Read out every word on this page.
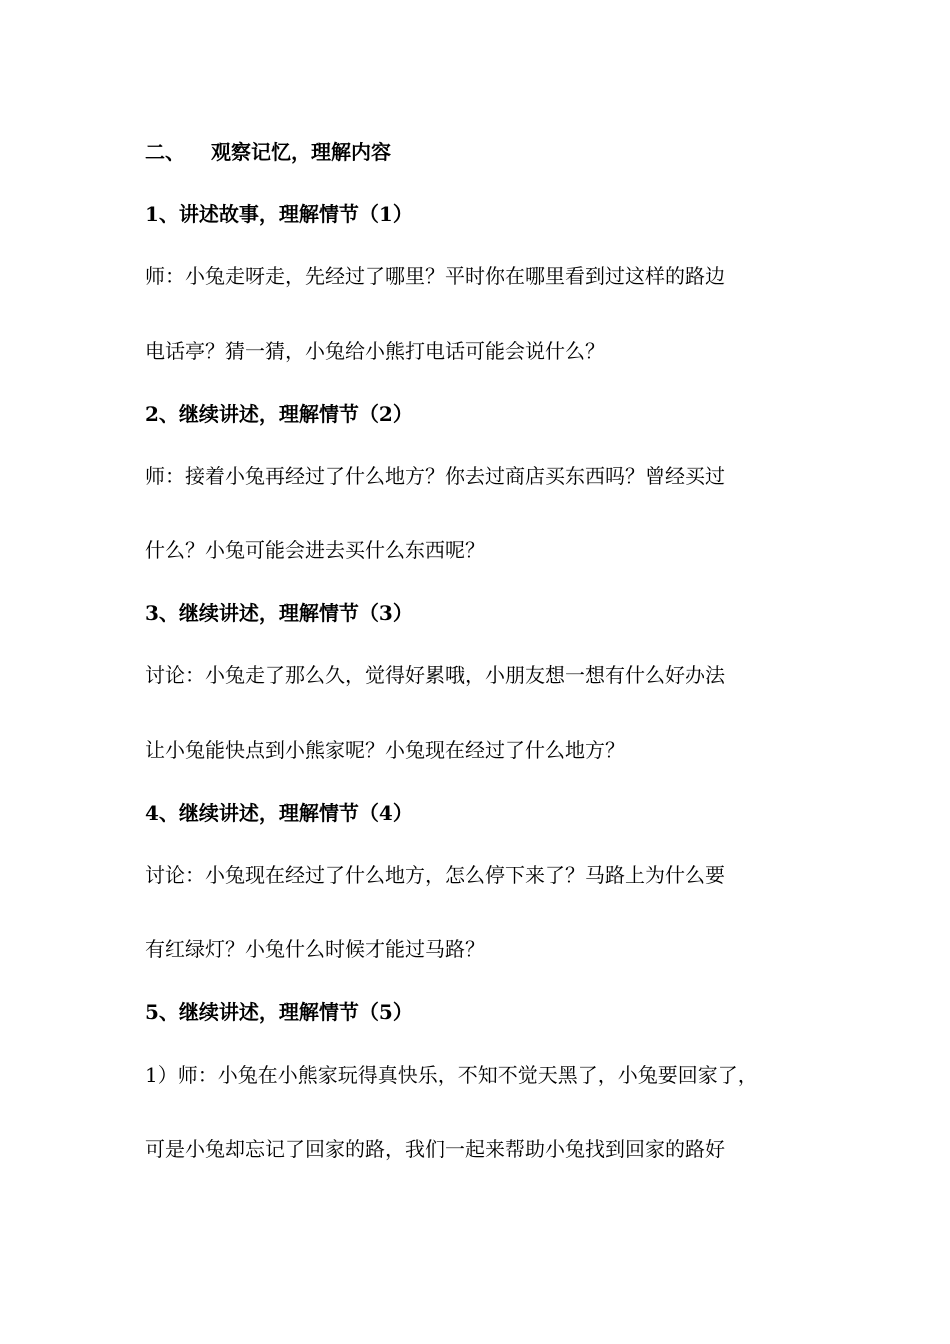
二、 观察记忆，理解内容
1、讲述故事，理解情节（1）
师：小兔走呀走，先经过了哪里？平时你在哪里看到过这样的路边
电话亭？猜一猜，小兔给小熊打电话可能会说什么？
2、继续讲述，理解情节（2）
师：接着小兔再经过了什么地方？你去过商店买东西吗？曾经买过
什么？小兔可能会进去买什么东西呢？
3、继续讲述，理解情节（3）
讨论：小兔走了那么久，觉得好累哦，小朋友想一想有什么好办法
让小兔能快点到小熊家呢？小兔现在经过了什么地方？
4、继续讲述，理解情节（4）
讨论：小兔现在经过了什么地方，怎么停下来了？马路上为什么要
有红绿灯？小兔什么时候才能过马路？
5、继续讲述，理解情节（5）
1）师：小兔在小熊家玩得真快乐，不知不觉天黑了，小兔要回家了，
可是小兔却忘记了回家的路，我们一起来帮助小兔找到回家的路好
